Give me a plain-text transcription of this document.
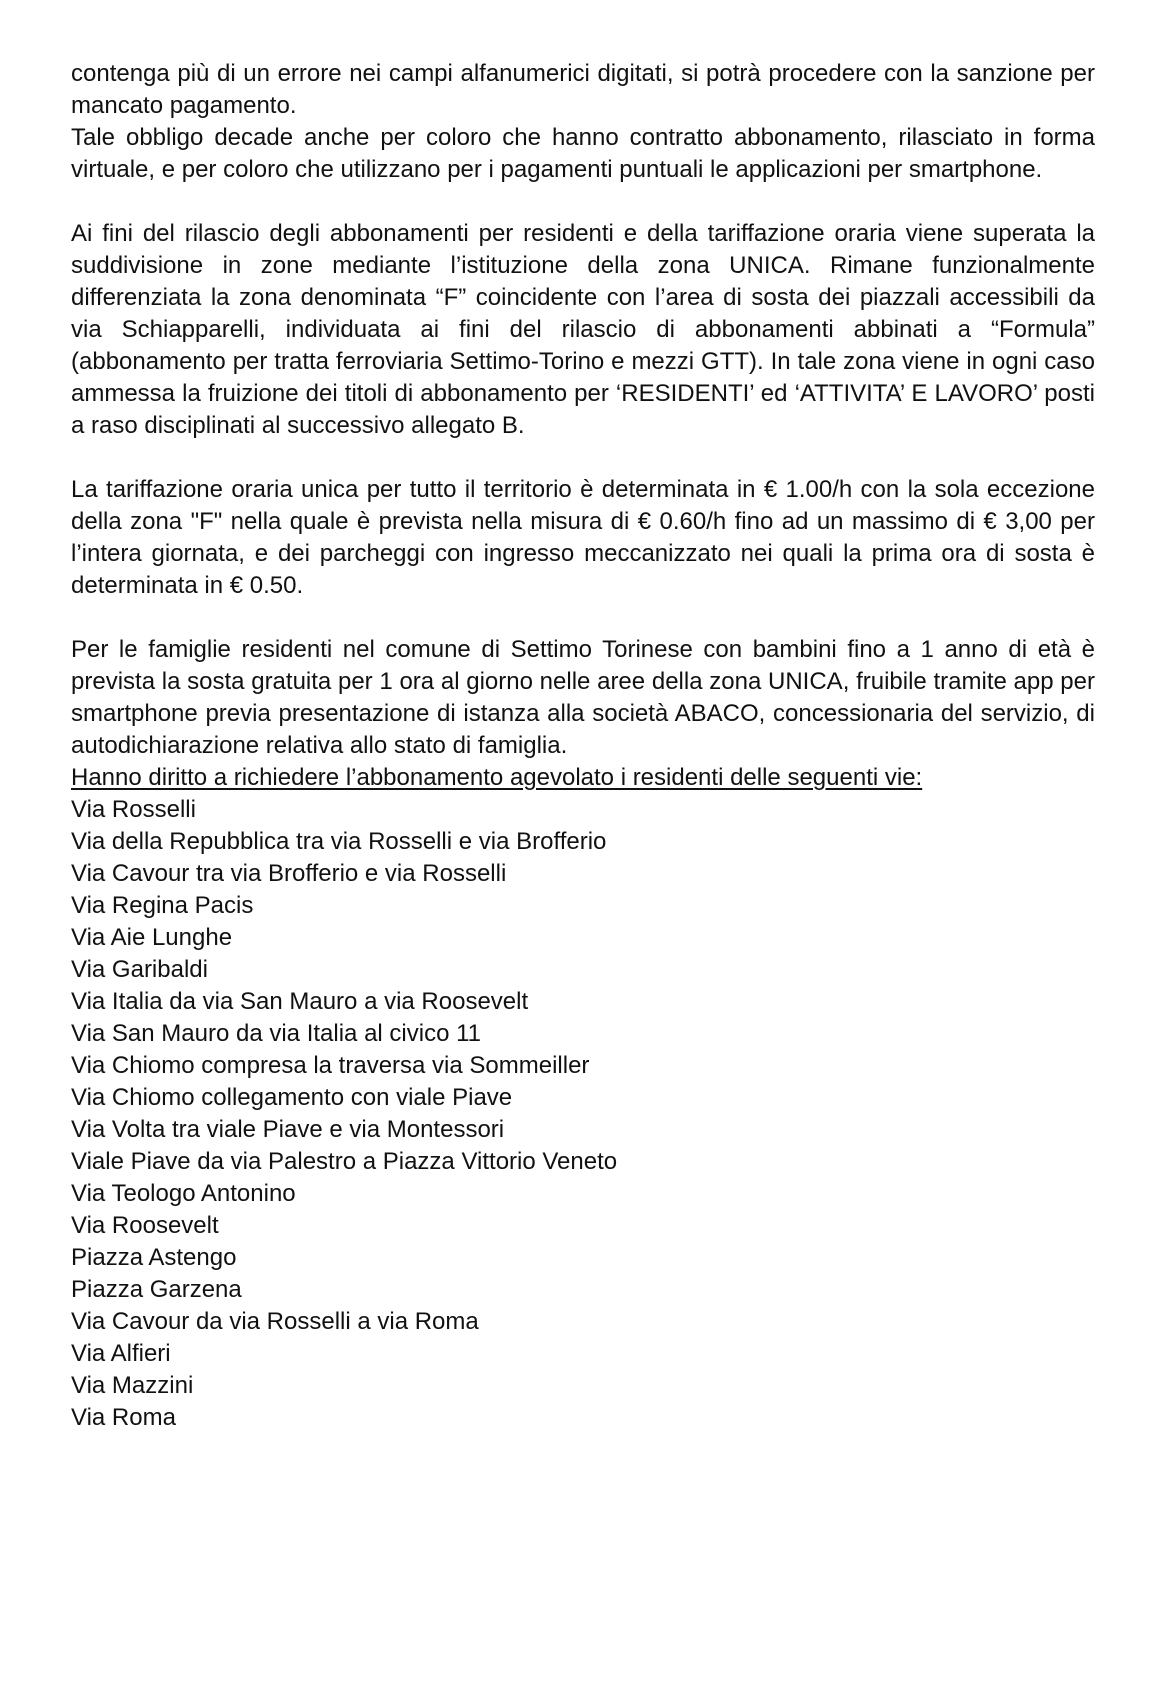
contenga più di un errore nei campi alfanumerici digitati, si potrà procedere con la sanzione per mancato pagamento.

Tale obbligo decade anche per coloro che hanno contratto abbonamento, rilasciato in forma virtuale, e per coloro che utilizzano per i pagamenti puntuali le applicazioni per smartphone.

Ai fini del rilascio degli abbonamenti per residenti e della tariffazione oraria viene superata la suddivisione in zone mediante l’istituzione della zona UNICA. Rimane funzionalmente differenziata la zona denominata “F” coincidente con l’area di sosta dei piazzali accessibili da via Schiapparelli, individuata ai fini del rilascio di abbonamenti abbinati a “Formula” (abbonamento per tratta ferroviaria Settimo-Torino e mezzi GTT). In tale zona viene in ogni caso ammessa la fruizione dei titoli di abbonamento per ‘RESIDENTI’ ed ‘ATTIVITA’ E LAVORO’ posti a raso disciplinati al successivo allegato B.

La tariffazione oraria unica per tutto il territorio è determinata in € 1.00/h con la sola eccezione della zona "F" nella quale è prevista nella misura di € 0.60/h fino ad un massimo di € 3,00 per l’intera giornata, e dei parcheggi con ingresso meccanizzato nei quali la prima ora di sosta è determinata in € 0.50.

Per le famiglie residenti nel comune di Settimo Torinese con bambini fino a 1 anno di età è prevista la sosta gratuita per 1 ora al giorno nelle aree della zona UNICA, fruibile tramite app per smartphone previa presentazione di istanza alla società ABACO, concessionaria del servizio, di autodichiarazione relativa allo stato di famiglia.

Hanno diritto a richiedere l’abbonamento agevolato i residenti delle seguenti vie:

Via Rosselli
Via della Repubblica tra via Rosselli e via Brofferio
Via Cavour tra via Brofferio e via Rosselli
Via Regina Pacis
Via Aie Lunghe
Via Garibaldi
Via Italia da via San Mauro a via Roosevelt
Via San Mauro da via Italia al civico 11
Via Chiomo compresa la traversa via Sommeiller
Via Chiomo collegamento con viale Piave
Via Volta tra viale Piave e via Montessori
Viale Piave da via Palestro a Piazza Vittorio Veneto
Via Teologo Antonino
Via Roosevelt
Piazza Astengo
Piazza Garzena
Via Cavour da via Rosselli a via Roma
Via Alfieri
Via Mazzini
Via Roma
